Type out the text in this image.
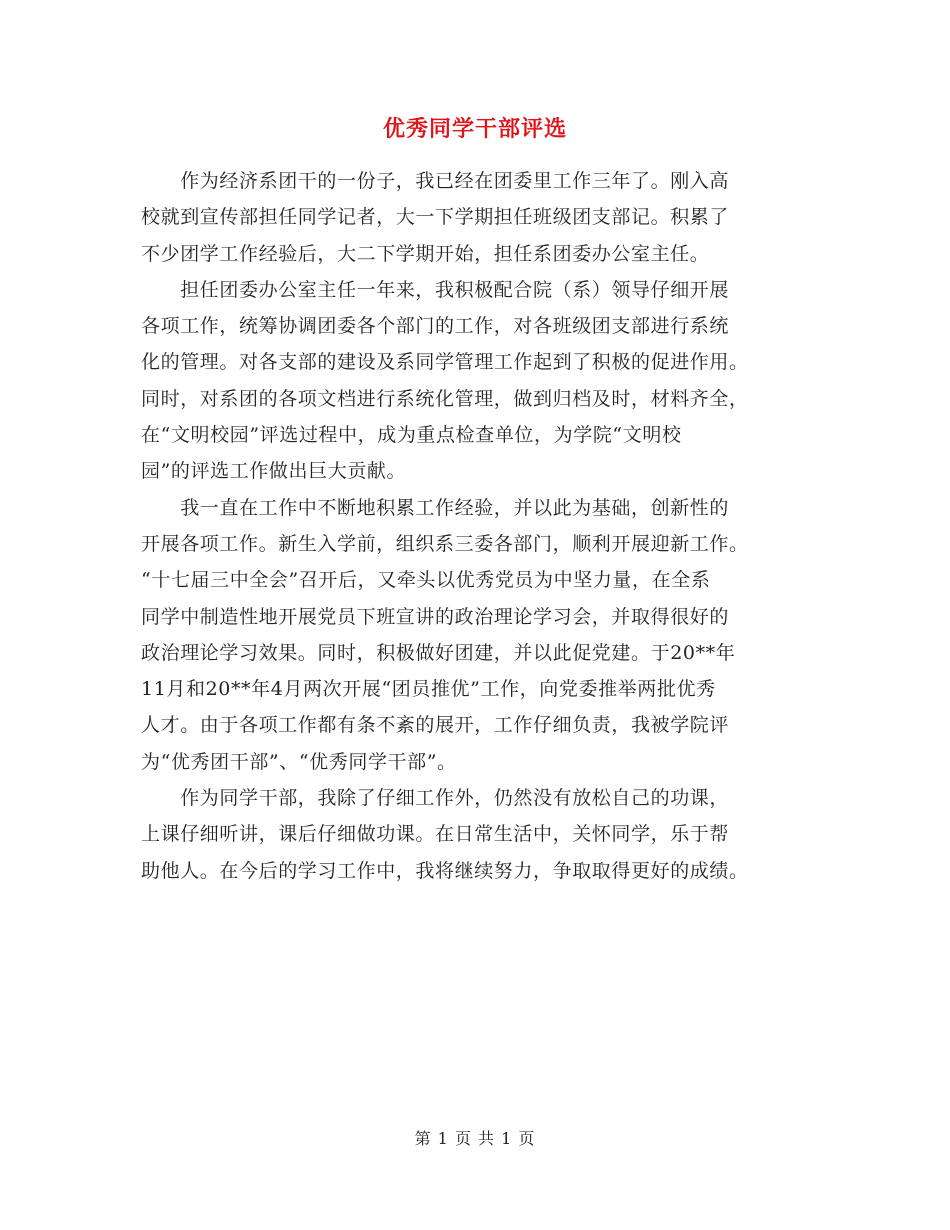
优秀同学干部评选
　　作为经济系团干的一份子，我已经在团委里工作三年了。刚入高
校就到宣传部担任同学记者，大一下学期担任班级团支部记。积累了
不少团学工作经验后，大二下学期开始，担任系团委办公室主任。
　　担任团委办公室主任一年来，我积极配合院（系）领导仔细开展
各项工作，统筹协调团委各个部门的工作，对各班级团支部进行系统
化的管理。对各支部的建设及系同学管理工作起到了积极的促进作用。
同时，对系团的各项文档进行系统化管理，做到归档及时，材料齐全，
在“文明校园”评选过程中，成为重点检查单位，为学院“文明校
园”的评选工作做出巨大贡献。
　　我一直在工作中不断地积累工作经验，并以此为基础，创新性的
开展各项工作。新生入学前，组织系三委各部门，顺利开展迎新工作。
“十七届三中全会”召开后，又牵头以优秀党员为中坚力量，在全系
同学中制造性地开展党员下班宣讲的政治理论学习会，并取得很好的
政治理论学习效果。同时，积极做好团建，并以此促党建。于20**年
11月和20**年4月两次开展“团员推优”工作，向党委推举两批优秀
人才。由于各项工作都有条不紊的展开，工作仔细负责，我被学院评
为“优秀团干部”、“优秀同学干部”。
　　作为同学干部，我除了仔细工作外，仍然没有放松自己的功课，
上课仔细听讲，课后仔细做功课。在日常生活中，关怀同学，乐于帮
助他人。在今后的学习工作中，我将继续努力，争取取得更好的成绩。
第 1 页 共 1 页
